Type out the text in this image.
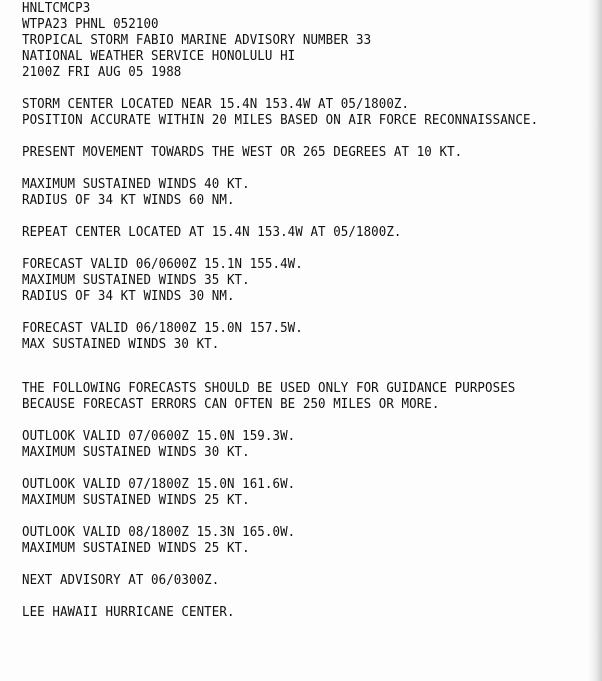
HNLTCMCP3
WTPA23 PHNL 052100
TROPICAL STORM FABIO MARINE ADVISORY NUMBER 33
NATIONAL WEATHER SERVICE HONOLULU HI
2100Z FRI AUG 05 1988
STORM CENTER LOCATED NEAR 15.4N 153.4W AT 05/1800Z.
POSITION ACCURATE WITHIN 20 MILES BASED ON AIR FORCE RECONNAISSANCE.
PRESENT MOVEMENT TOWARDS THE WEST OR 265 DEGREES AT 10 KT.
MAXIMUM SUSTAINED WINDS 40 KT.
RADIUS OF 34 KT WINDS 60 NM.
REPEAT CENTER LOCATED AT 15.4N 153.4W AT 05/1800Z.
FORECAST VALID 06/0600Z 15.1N 155.4W.
MAXIMUM SUSTAINED WINDS 35 KT.
RADIUS OF 34 KT WINDS 30 NM.
FORECAST VALID 06/1800Z 15.0N 157.5W.
MAX SUSTAINED WINDS 30 KT.
THE FOLLOWING FORECASTS SHOULD BE USED ONLY FOR GUIDANCE PURPOSES
BECAUSE FORECAST ERRORS CAN OFTEN BE 250 MILES OR MORE.
OUTLOOK VALID 07/0600Z 15.0N 159.3W.
MAXIMUM SUSTAINED WINDS 30 KT.
OUTLOOK VALID 07/1800Z 15.0N 161.6W.
MAXIMUM SUSTAINED WINDS 25 KT.
OUTLOOK VALID 08/1800Z 15.3N 165.0W.
MAXIMUM SUSTAINED WINDS 25 KT.
NEXT ADVISORY AT 06/0300Z.
LEE HAWAII HURRICANE CENTER.
